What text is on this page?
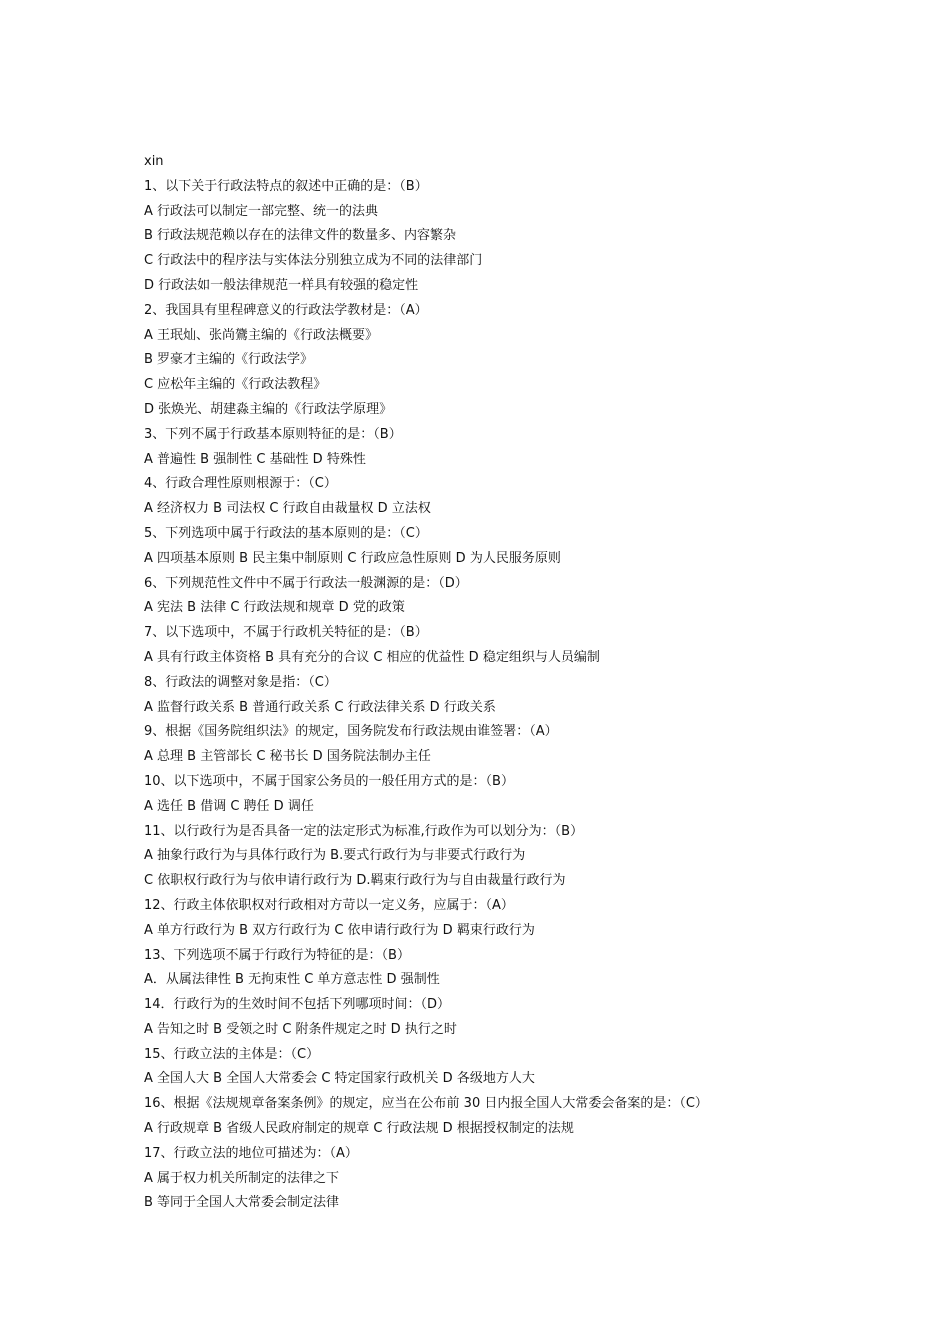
xin

1、以下关于行政法特点的叙述中正确的是：（B）

A 行政法可以制定一部完整、统一的法典

B 行政法规范赖以存在的法律文件的数量多、内容繁杂

C 行政法中的程序法与实体法分别独立成为不同的法律部门

D 行政法如一般法律规范一样具有较强的稳定性

2、我国具有里程碑意义的行政法学教材是：（A）

A 王珉灿、张尚鷟主编的《行政法概要》

B 罗豪才主编的《行政法学》

C 应松年主编的《行政法教程》

D 张焕光、胡建淼主编的《行政法学原理》

3、下列不属于行政基本原则特征的是：（B）

A 普遍性 B 强制性 C 基础性 D 特殊性

4、行政合理性原则根源于：（C）

A 经济权力 B 司法权 C 行政自由裁量权 D 立法权

5、下列选项中属于行政法的基本原则的是：（C）

A 四项基本原则 B 民主集中制原则 C 行政应急性原则 D 为人民服务原则

6、下列规范性文件中不属于行政法一般渊源的是：（D）

A 宪法 B 法律 C 行政法规和规章 D 党的政策

7、以下选项中，不属于行政机关特征的是：（B）

A 具有行政主体资格 B 具有充分的合议 C 相应的优益性 D 稳定组织与人员编制

8、行政法的调整对象是指：（C）

A 监督行政关系 B 普通行政关系 C 行政法律关系 D 行政关系

9、根据《国务院组织法》的规定，国务院发布行政法规由谁签署：（A）

A 总理 B 主管部长 C 秘书长 D 国务院法制办主任

10、以下选项中，不属于国家公务员的一般任用方式的是：（B）

A 选任 B 借调 C 聘任 D 调任

11、以行政行为是否具备一定的法定形式为标准,行政作为可以划分为：（B）

A 抽象行政行为与具体行政行为 B.要式行政行为与非要式行政行为

C 依职权行政行为与依申请行政行为 D.羁束行政行为与自由裁量行政行为

12、行政主体依职权对行政相对方苛以一定义务，应属于：（A）

A 单方行政行为 B 双方行政行为 C 依申请行政行为 D 羁束行政行为

13、下列选项不属于行政行为特征的是：（B）

A．从属法律性 B 无拘束性 C 单方意志性 D 强制性

14．行政行为的生效时间不包括下列哪项时间：（D）

A 告知之时 B 受领之时 C 附条件规定之时 D 执行之时

15、行政立法的主体是：（C）

A 全国人大 B 全国人大常委会 C 特定国家行政机关 D 各级地方人大

16、根据《法规规章备案条例》的规定，应当在公布前 30 日内报全国人大常委会备案的是：（C）

A 行政规章 B 省级人民政府制定的规章 C 行政法规 D 根据授权制定的法规

17、行政立法的地位可描述为：（A）

A 属于权力机关所制定的法律之下

B 等同于全国人大常委会制定法律
